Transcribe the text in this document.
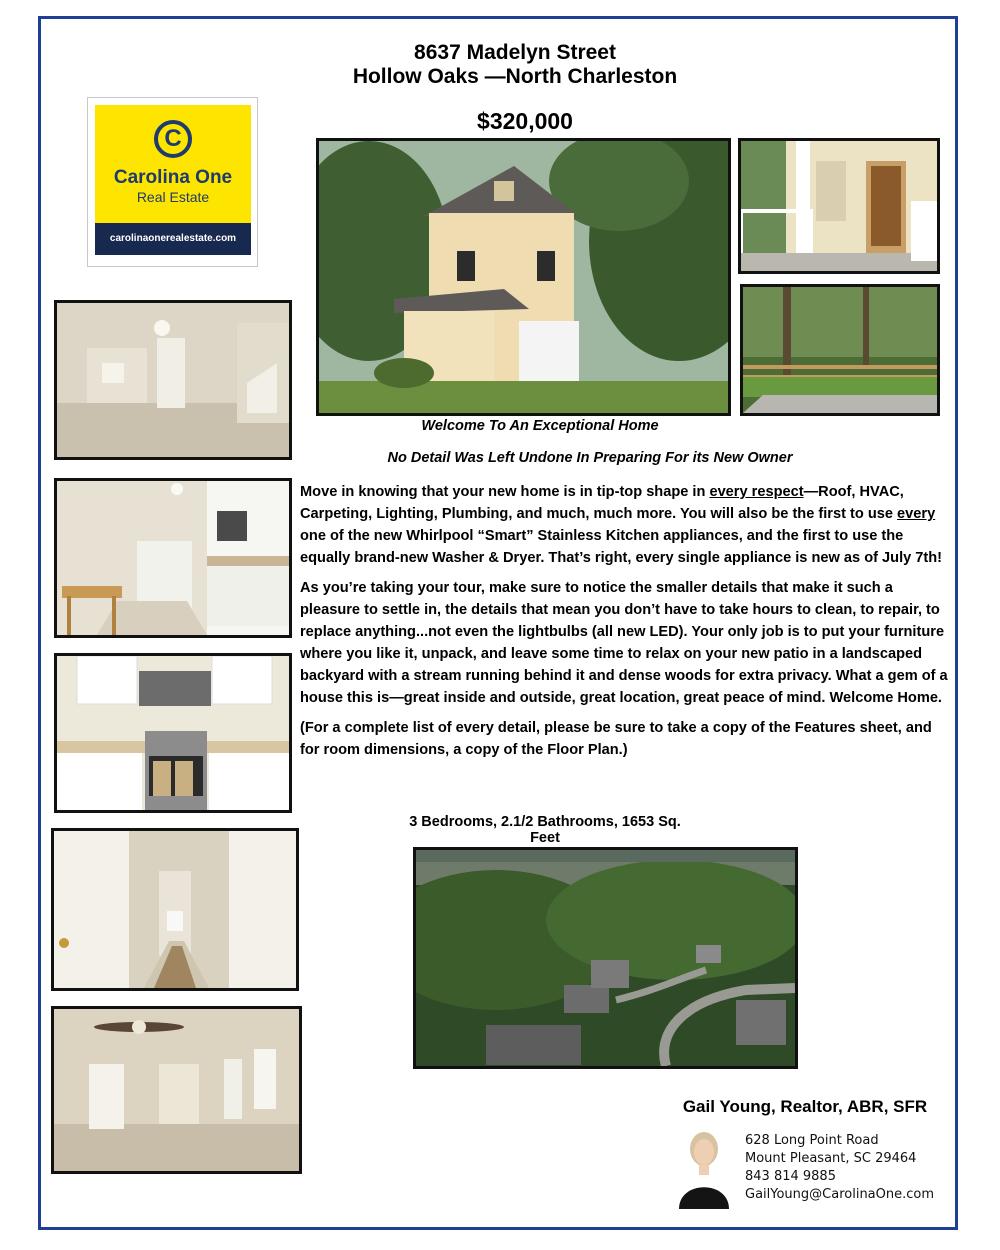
8637 Madelyn Street
Hollow Oaks —North Charleston
$320,000
C
Carolina One
Real Estate
carolinaonerealestate.com
Welcome To An Exceptional Home
No Detail Was Left Undone In Preparing For its New Owner

Move in knowing that your new home is in tip-top shape in every respect—Roof, HVAC, Carpeting, Lighting, Plumbing, and much, much more. You will also be the first to use every one of the new Whirlpool “Smart” Stainless Kitchen appliances, and the first to use the equally brand-new Washer & Dryer. That’s right, every single appliance is new as of July 7th!

As you’re taking your tour, make sure to notice the smaller details that make it such a pleasure to settle in, the details that mean you don’t have to take hours to clean, to repair, to replace anything...not even the lightbulbs (all new LED). Your only job is to put your furniture where you like it, unpack, and leave some time to relax on your new patio in a landscaped backyard with a stream running behind it and dense woods for extra privacy. What a gem of a house this is—great inside and outside, great location, great peace of mind. Welcome Home.

(For a complete list of every detail, please be sure to take a copy of the Features sheet, and for room dimensions, a copy of the Floor Plan.)

3 Bedrooms, 2.1/2 Bathrooms, 1653 Sq. Feet
Gail Young, Realtor, ABR, SFR
628 Long Point Road
Mount Pleasant, SC 29464
843 814 9885
GailYoung@CarolinaOne.com
